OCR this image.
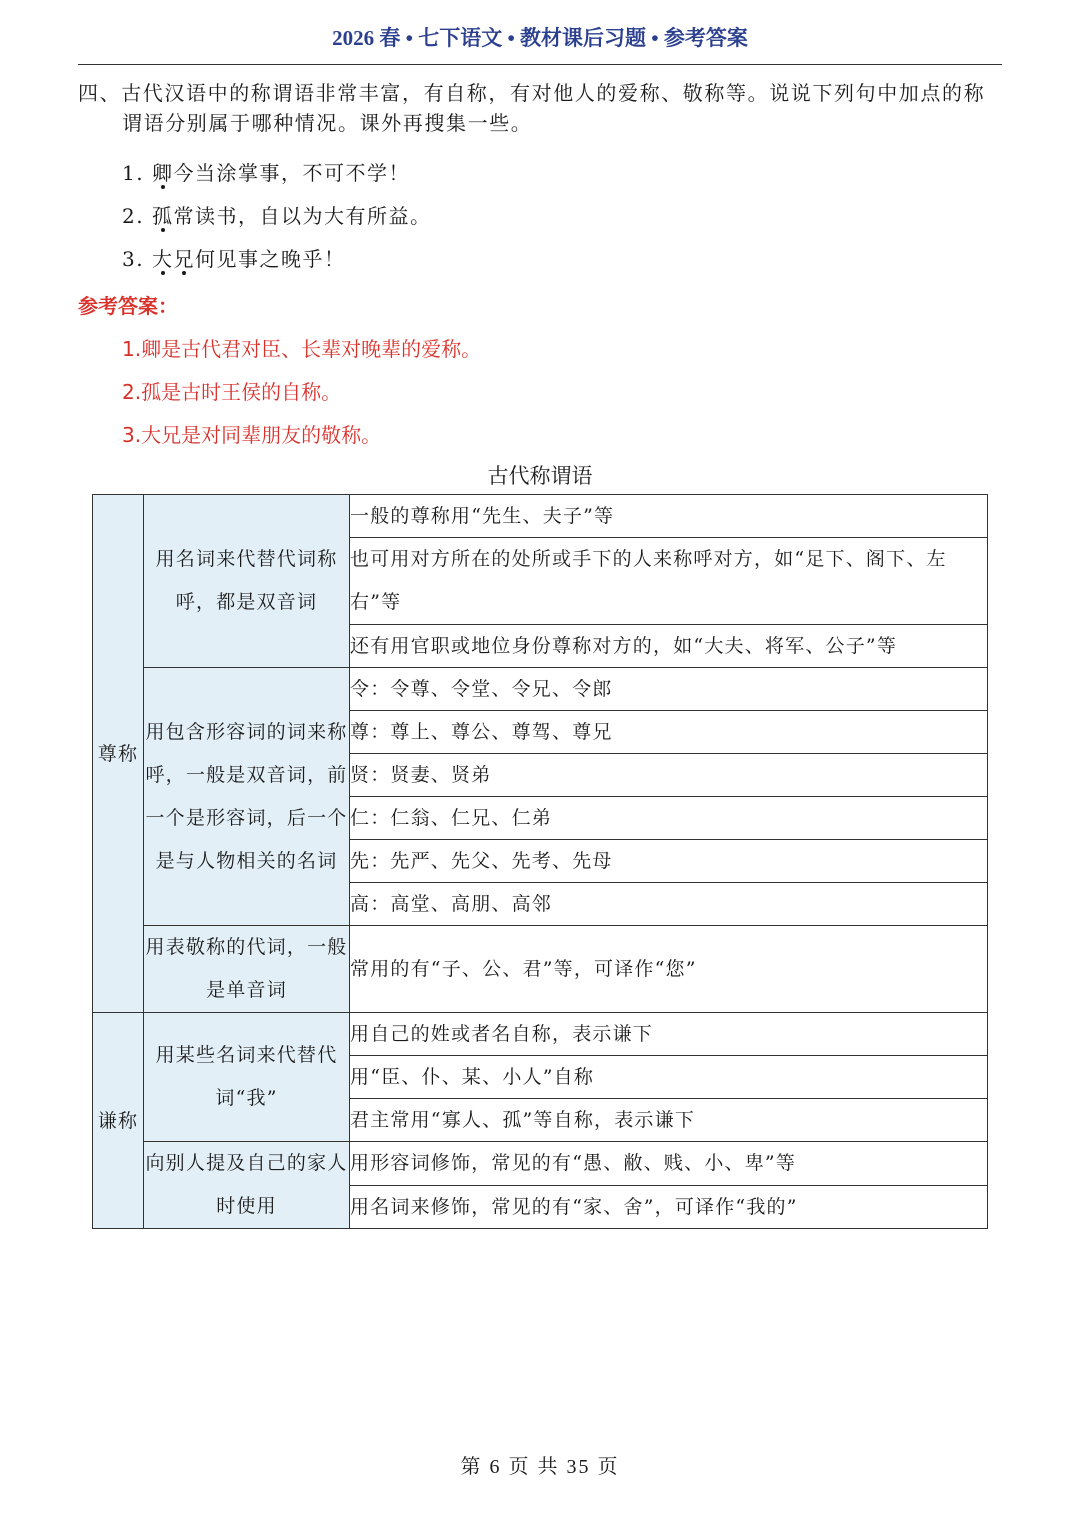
2026 春 • 七下语文 • 教材课后习题 • 参考答案
四、古代汉语中的称谓语非常丰富，有自称，有对他人的爱称、敬称等。说说下列句中加点的称
谓语分别属于哪种情况。课外再搜集一些。
1. 卿今当涂掌事，不可不学！
2. 孤常读书，自以为大有所益。
3. 大兄何见事之晚乎！
参考答案：
1.卿是古代君对臣、长辈对晚辈的爱称。
2.孤是古时王侯的自称。
3.大兄是对同辈朋友的敬称。
古代称谓语
尊称	用名词来代替代词称呼，都是双音词	一般的尊称用“先生、夫子”等
		也可用对方所在的处所或手下的人来称呼对方，如“足下、阁下、左右”等
		还有用官职或地位身份尊称对方的，如“大夫、将军、公子”等
	用包含形容词的词来称呼，一般是双音词，前一个是形容词，后一个是与人物相关的名词	令：令尊、令堂、令兄、令郎
		尊：尊上、尊公、尊驾、尊兄
		贤：贤妻、贤弟
		仁：仁翁、仁兄、仁弟
		先：先严、先父、先考、先母
		高：高堂、高朋、高邻
	用表敬称的代词，一般是单音词	常用的有“子、公、君”等，可译作“您”
谦称	用某些名词来代替代词“我”	用自己的姓或者名自称，表示谦下
		用“臣、仆、某、小人”自称
		君主常用“寡人、孤”等自称，表示谦下
	向别人提及自己的家人时使用	用形容词修饰，常见的有“愚、敝、贱、小、卑”等
		用名词来修饰，常见的有“家、舍”，可译作“我的”
第 6 页 共 35 页
